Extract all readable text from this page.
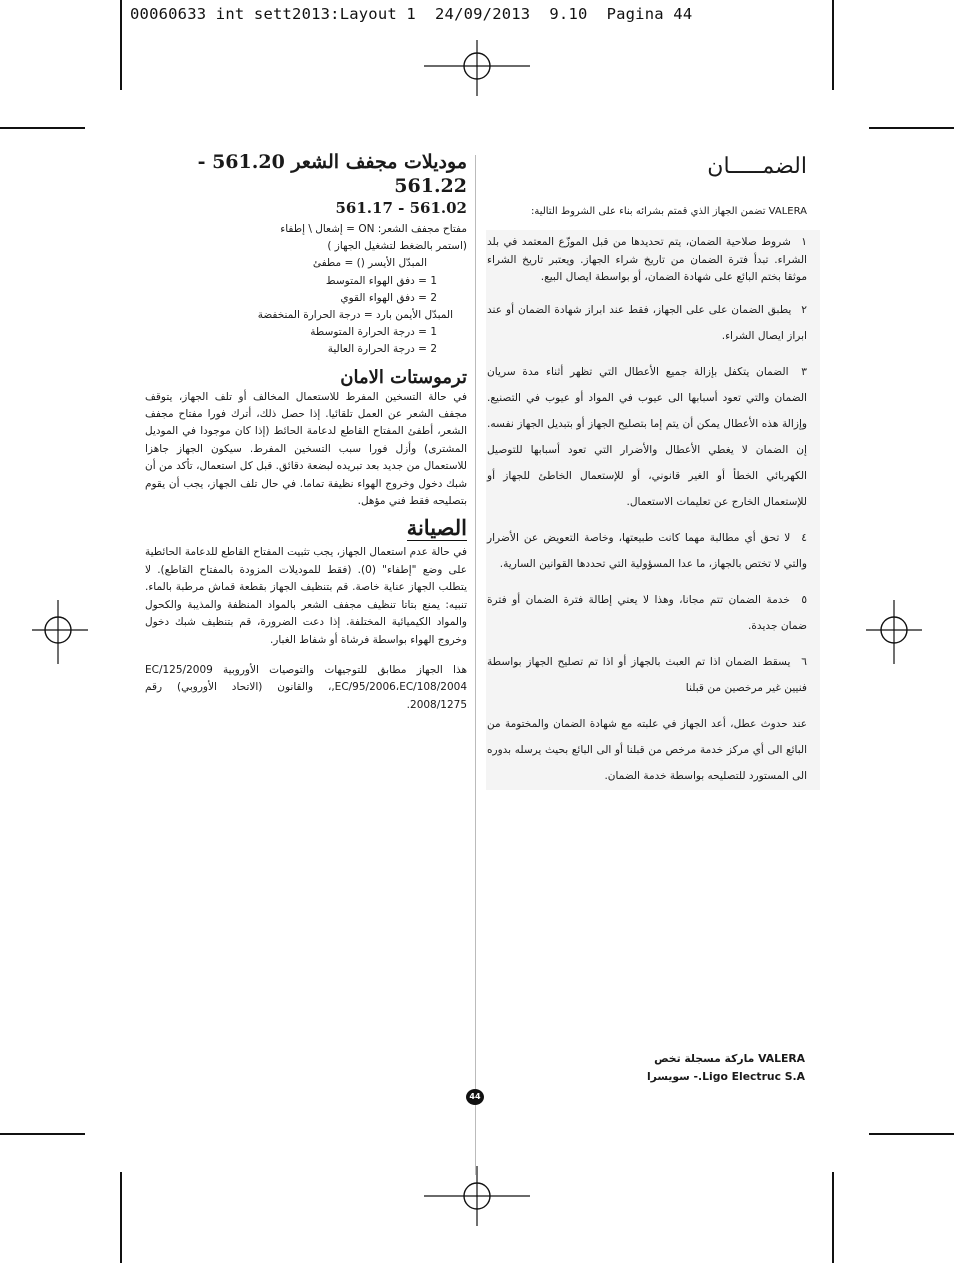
00060633 int sett2013:Layout 1  24/09/2013  9.10  Pagina 44
موديلات مجفف الشعر 561.20 - 561.22
561.02 - 561.17
مفتاح مجفف الشعر: ON = إشعال \ إطفاء
(استمر بالضغط لتشغيل الجهاز )
المبدّل الأيسر () = مطفئ
1 = دفق الهواء المتوسط
2 = دفق الهواء القوي
المبدّل الأيمن بارد = درجة الحرارة المنخفضة
1 = درجة الحرارة المتوسطة
2 = درجة الحرارة العالية
ترموستات الامان
في حالة التسخين المفرط للاستعمال المخالف أو تلف الجهاز، يتوقف مجفف الشعر عن العمل تلقائيا. إذا حصل ذلك، أترك فورا مفتاح مجفف الشعر، أطفئ المفتاح القاطع لدعامة الحائط (إذا كان موجودا في الموديل المشترى) وأزل فورا سبب التسخين المفرط. سيكون الجهاز جاهزا للاستعمال من جديد بعد تبريده لبضعة دقائق. قبل كل استعمال، تأكد من أن شبك دخول وخروج الهواء نظيفة تماما. في حال تلف الجهاز، يجب أن يقوم بتصليحه فقط فني مؤهل.
الصيانة
في حالة عدم استعمال الجهاز، يجب تثبيت المفتاح القاطع للدعامة الحائطية على وضع "إطفاء" (0). (فقط للموديلات المزودة بالمفتاح القاطع). لا يتطلب الجهاز عناية خاصة. قم بتنظيف الجهاز بقطعة قماش مرطبة بالماء. تنبيه: يمنع بتاتا تنظيف مجفف الشعر بالمواد المنظفة والمذيبة والكحول والمواد الكيميائية المختلفة. إذا دعت الضرورة، قم بتنظيف شبك دخول وخروج الهواء بواسطة فرشاة أو شفاط الغبار.
هذا الجهاز مطابق للتوجيهات والتوصيات الأوروبية EC/125/2009 ,EC/95/2006،EC/108/2004، والقانون (الاتحاد الأوروبي) رقم 2008/1275.
الضمـــــان
VALERA تضمن الجهاز الذي قمتم بشرائه بناء على الشروط التالية:
١ شروط صلاحية الضمان، يتم تحديدها من قبل الموزّع المعتمد في بلد الشراء. تبدأ فترة الضمان من تاريخ شراء الجهاز. ويعتبر تاريخ الشراء موثقا بختم البائع على شهادة الضمان، أو بواسطة ايصال البيع.
٢ يطبق الضمان على على الجهاز، فقط عند ابراز شهادة الضمان أو عند ابراز ايصال الشراء.
٣ الضمان يتكفل بإزالة جميع الأعطال التي تظهر أثناء مدة سريان الضمان والتي تعود أسبابها الى عيوب في المواد أو عيوب في التصنيع. وإزالة هذه الأعطال يمكن أن يتم إما بتصليح الجهاز أو بتبديل الجهاز نفسه. إن الضمان لا يغطي الأعطال والأضرار التي تعود أسبابها للتوصيل الكهربائي الخطأ أو الغير قانوني، أو للإستعمال الخاطئ للجهاز أو للإستعمال الخارج عن تعليمات الاستعمال.
٤ لا تحق أي مطالبة مهما كانت طبيعتها، وخاصة التعويض عن الأضرار والتي لا تختص بالجهاز، ما عدا المسؤولية التي تحددها القوانين السارية.
٥ خدمة الضمان تتم مجانا، وهذا لا يعني إطالة فترة الضمان أو فترة ضمان جديدة.
٦ يسقط الضمان اذا تم العبث بالجهاز أو اذا تم تصليح الجهاز بواسطة فنيين غير مرخصين من قبلنا
عند حدوث عطل، أعد الجهاز في علبته مع شهادة الضمان والمختومة من البائع الى أي مركز خدمة مرخص من قبلنا أو الى البائع بحيث يرسله بدوره الى المستورد للتصليحه بواسطة خدمة الضمان.
VALERA ماركة مسجلة تخص
Ligo Electruc S.A.- سويسرا
44
